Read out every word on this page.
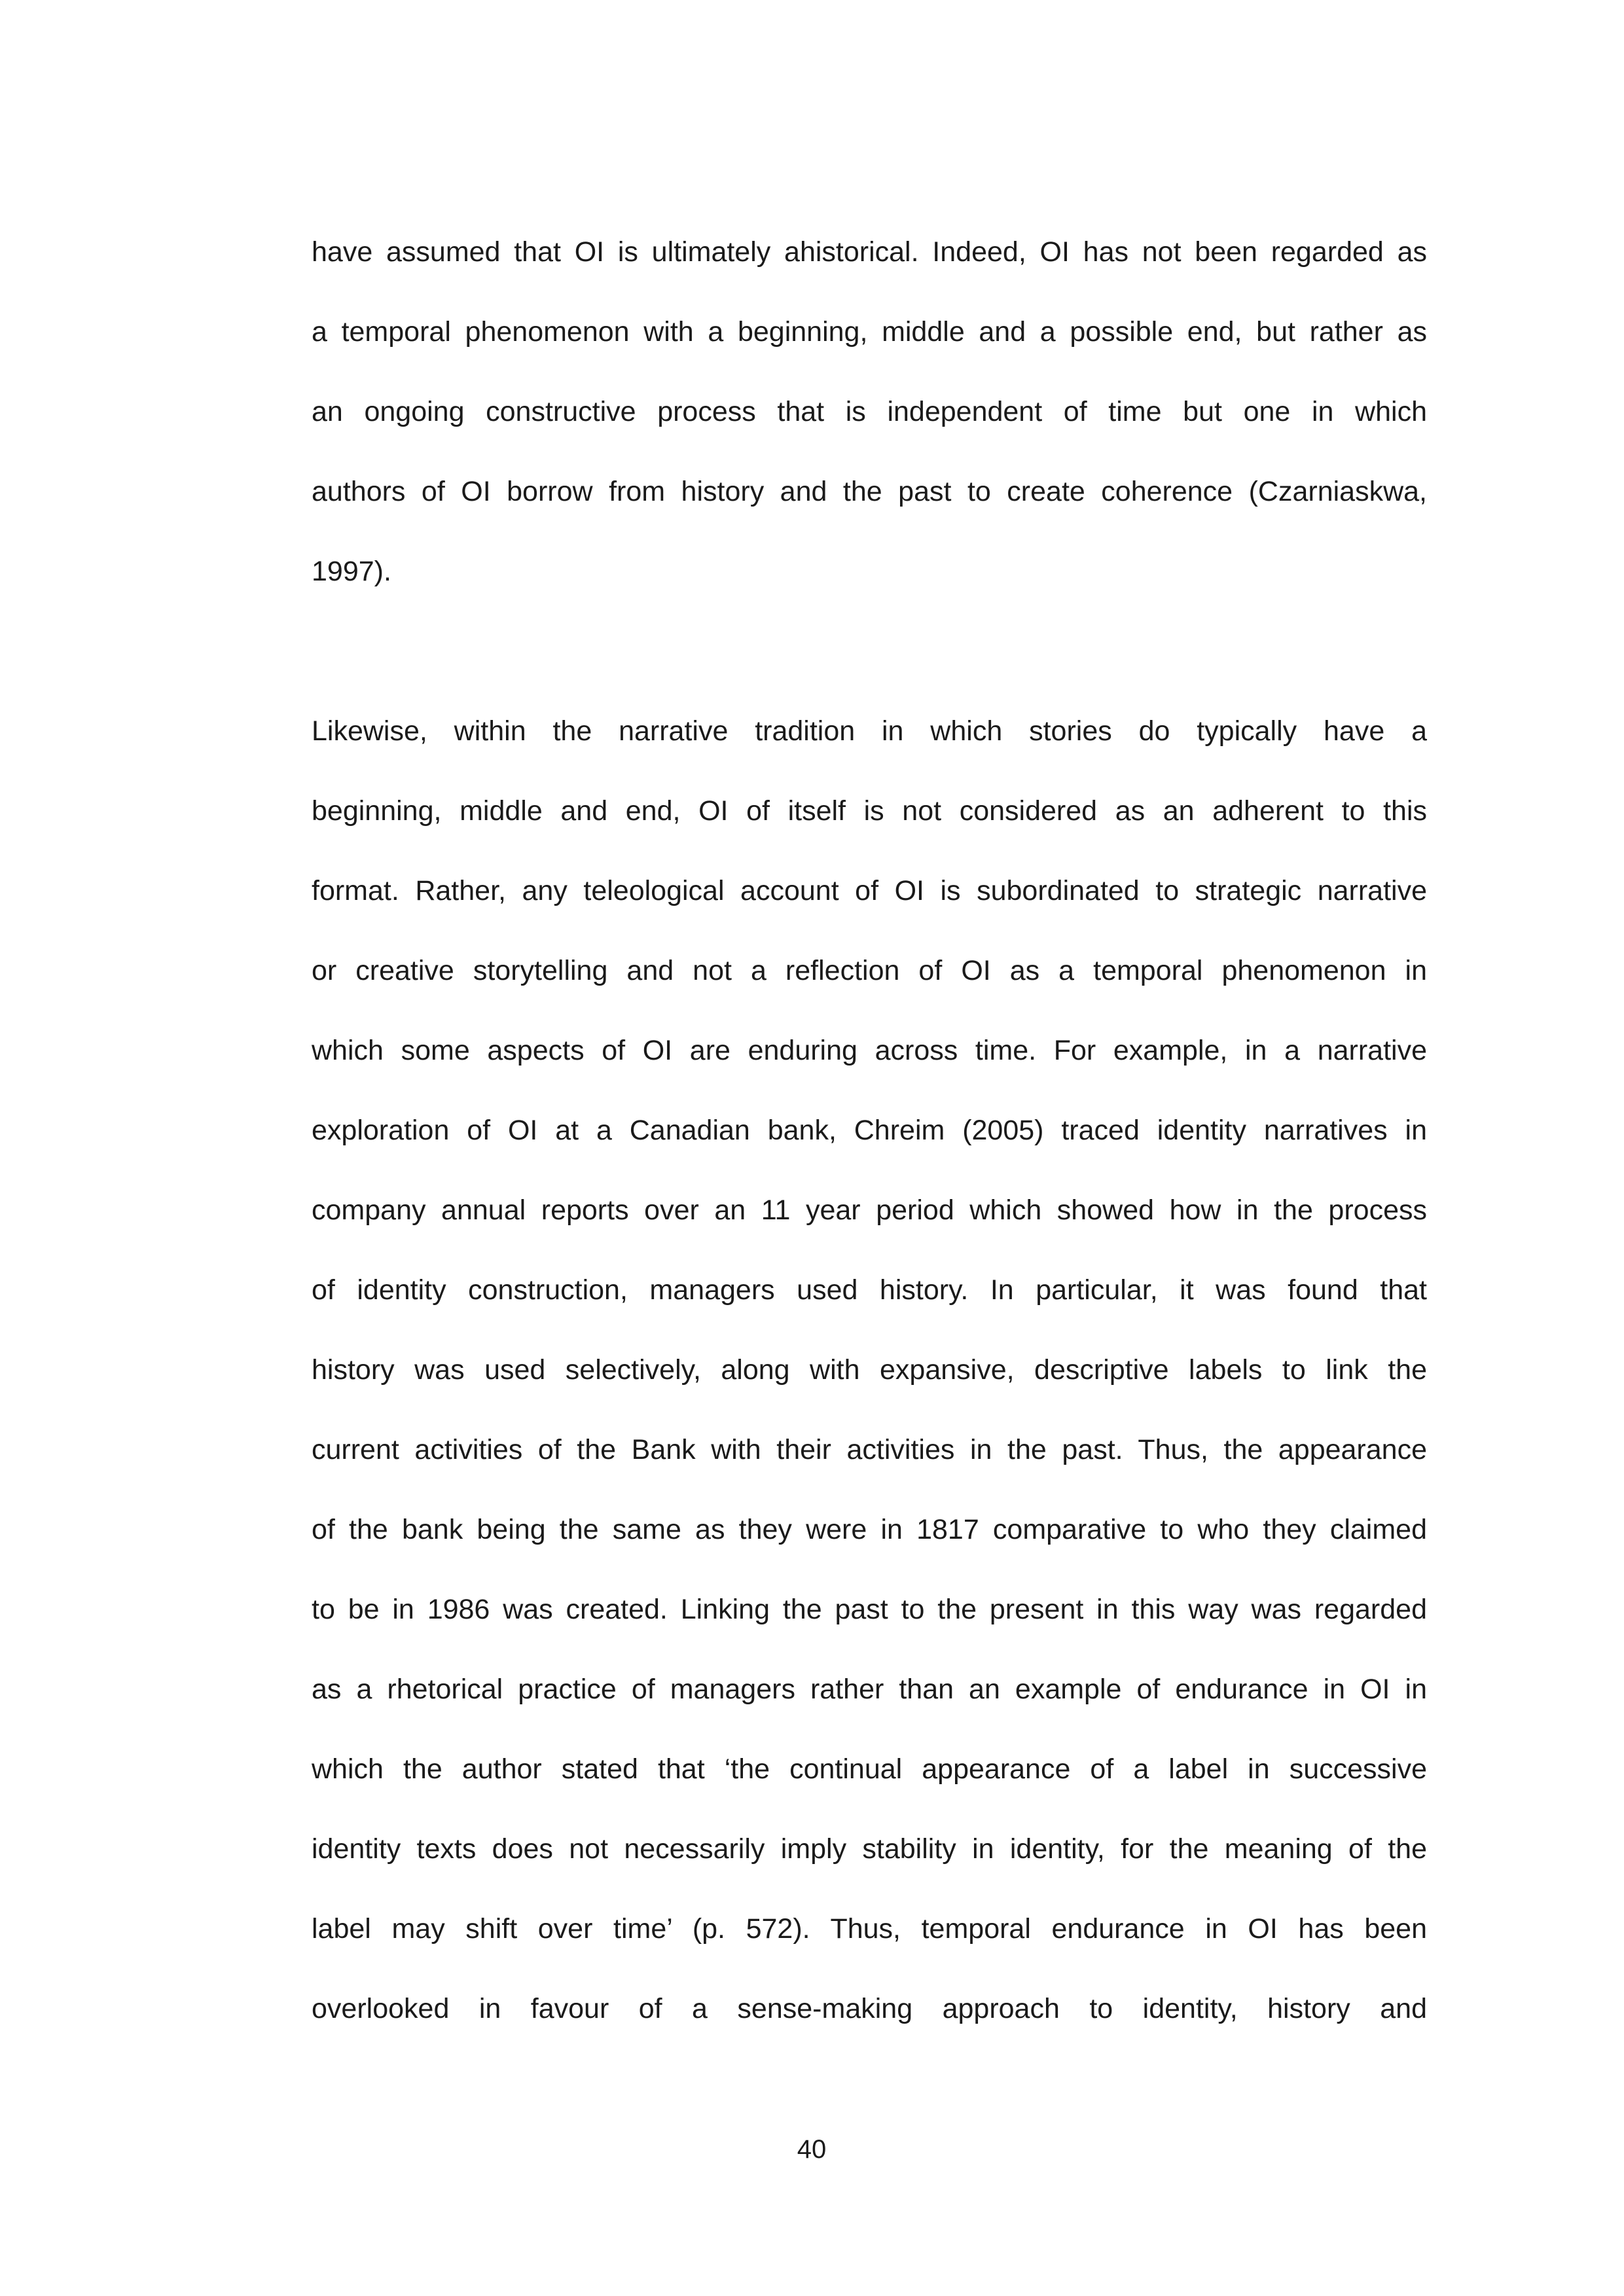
have assumed that OI is ultimately ahistorical. Indeed, OI has not been regarded as
a temporal phenomenon with a beginning, middle and a possible end, but rather as
an ongoing constructive process that is independent of time but one in which
authors of OI borrow from history and the past to create coherence (Czarniaskwa,
1997).
Likewise, within the narrative tradition in which stories do typically have a
beginning, middle and end, OI of itself is not considered as an adherent to this
format. Rather, any teleological account of OI is subordinated to strategic narrative
or creative storytelling and not a reflection of OI as a temporal phenomenon in
which some aspects of OI are enduring across time. For example, in a narrative
exploration of OI at a Canadian bank, Chreim (2005) traced identity narratives in
company annual reports over an 11 year period which showed how in the process
of identity construction, managers used history. In particular, it was found that
history was used selectively, along with expansive, descriptive labels to link the
current activities of the Bank with their activities in the past. Thus, the appearance
of the bank being the same as they were in 1817 comparative to who they claimed
to be in 1986 was created. Linking the past to the present in this way was regarded
as a rhetorical practice of managers rather than an example of endurance in OI in
which the author stated that ‘the continual appearance of a label in successive
identity texts does not necessarily imply stability in identity, for the meaning of the
label may shift over time’ (p. 572). Thus, temporal endurance in OI has been
overlooked in favour of a sense-making approach to identity, history and
40
